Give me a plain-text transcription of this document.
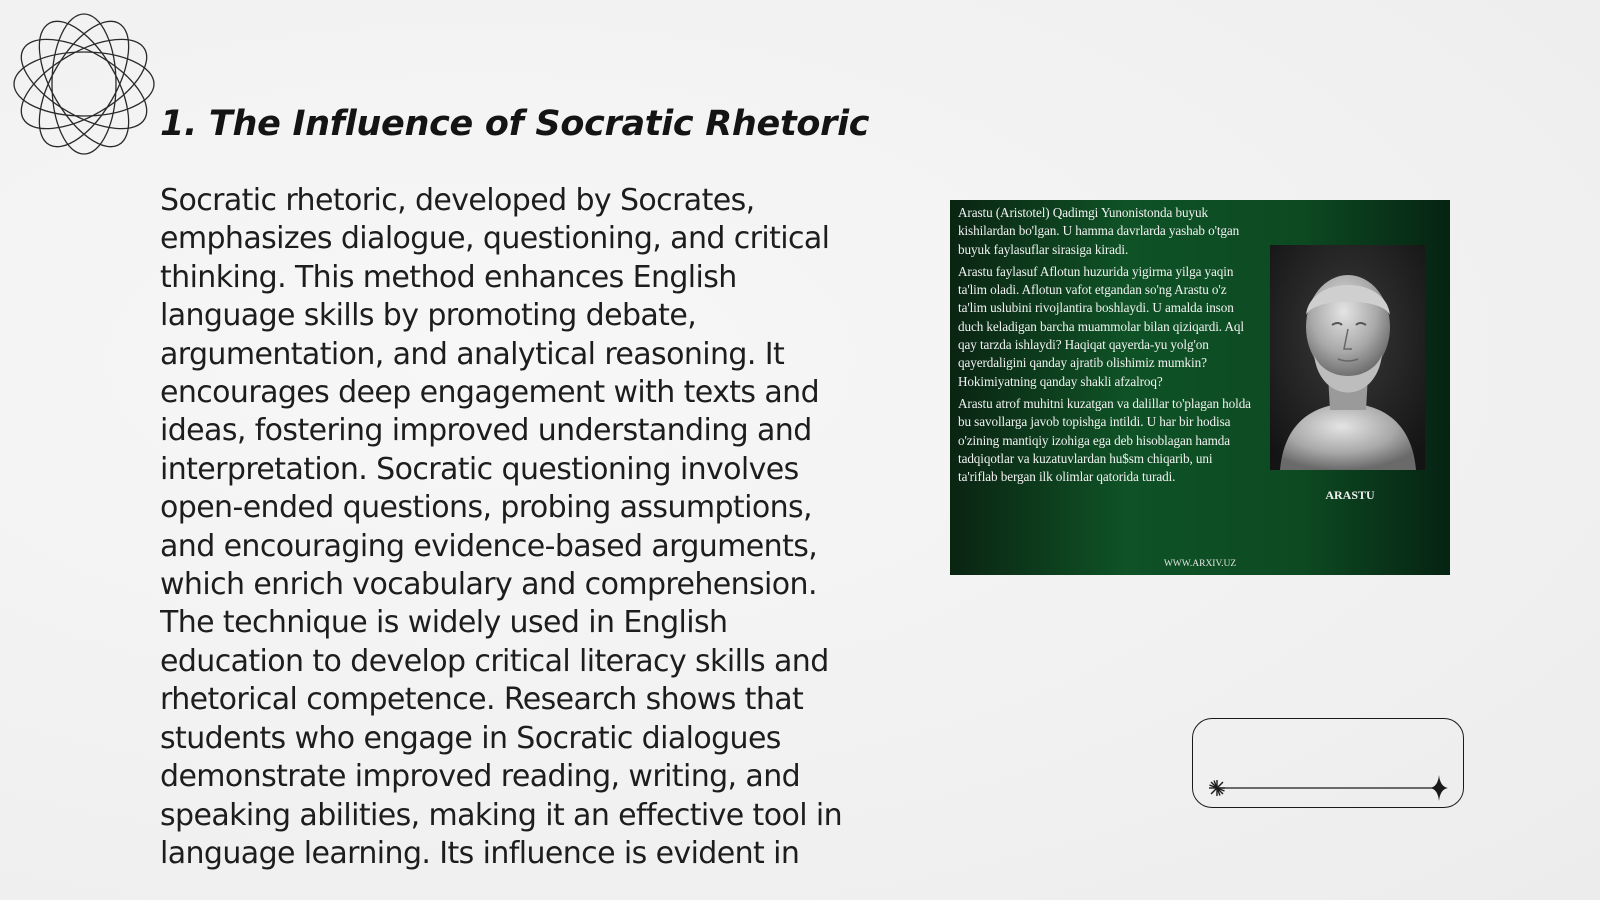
1. The Influence of Socratic Rhetoric

Socratic rhetoric, developed by Socrates, emphasizes dialogue, questioning, and critical thinking. This method enhances English language skills by promoting debate, argumentation, and analytical reasoning. It encourages deep engagement with texts and ideas, fostering improved understanding and interpretation. Socratic questioning involves open-ended questions, probing assumptions, and encouraging evidence-based arguments, which enrich vocabulary and comprehension. The technique is widely used in English education to develop critical literacy skills and rhetorical competence. Research shows that students who engage in Socratic dialogues demonstrate improved reading, writing, and speaking abilities, making it an effective tool in language learning. Its influence is evident in

Arastu (Aristotel) Qadimgi Yunonistonda buyuk kishilardan bo'lgan. U hamma davrlarda yashab o'tgan buyuk faylasuflar sirasiga kiradi.

Arastu faylasuf Aflotun huzurida yigirma yilga yaqin ta'lim oladi. Aflotun vafot etgandan so'ng Arastu o'z ta'lim uslubini rivojlantira boshlaydi. U amalda inson duch keladigan barcha muammolar bilan qiziqardi. Aql qay tarzda ishlaydi? Haqiqat qayerda-yu yolg'on qayerdaligini qanday ajratib olishimiz mumkin? Hokimiyatning qanday shakli afzalroq?

Arastu atrof muhitni kuzatgan va dalillar to'plagan holda bu savollarga javob topishga intildi. U har bir hodisa o'zining mantiqiy izohiga ega deb hisoblagan hamda tadqiqotlar va kuzatuvlardan hu$sm chiqarib, uni ta'riflab bergan ilk olimlar qatorida turadi.

ARASTU
WWW.ARXIV.UZ
